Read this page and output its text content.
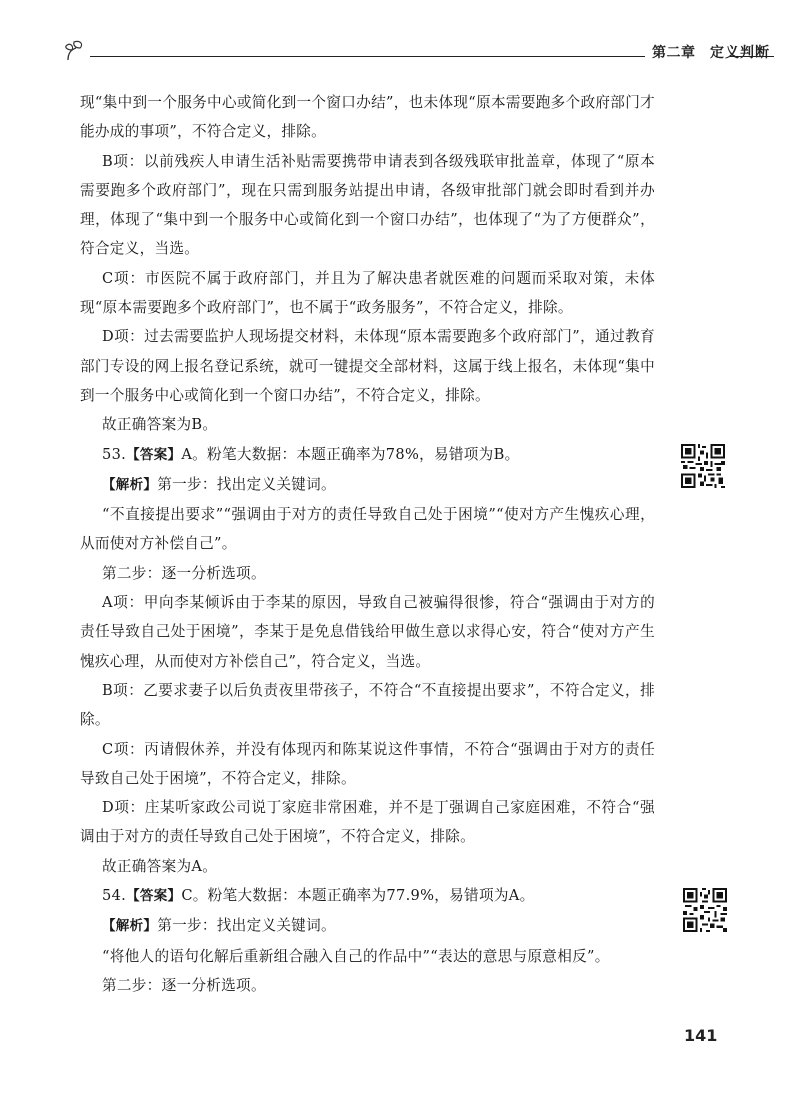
第二章 定义判断

现“集中到一个服务中心或简化到一个窗口办结”，也未体现“原本需要跑多个政府部门才能办成的事项”，不符合定义，排除。

B项：以前残疾人申请生活补贴需要携带申请表到各级残联审批盖章，体现了“原本需要跑多个政府部门”，现在只需到服务站提出申请，各级审批部门就会即时看到并办理，体现了“集中到一个服务中心或简化到一个窗口办结”，也体现了“为了方便群众”，符合定义，当选。

C项：市医院不属于政府部门，并且为了解决患者就医难的问题而采取对策，未体现“原本需要跑多个政府部门”，也不属于“政务服务”，不符合定义，排除。

D项：过去需要监护人现场提交材料，未体现“原本需要跑多个政府部门”，通过教育部门专设的网上报名登记系统，就可一键提交全部材料，这属于线上报名，未体现“集中到一个服务中心或简化到一个窗口办结”，不符合定义，排除。

故正确答案为B。

53.【答案】A。粉笔大数据：本题正确率为78%，易错项为B。

【解析】第一步：找出定义关键词。

“不直接提出要求”“强调由于对方的责任导致自己处于困境”“使对方产生愧疚心理，从而使对方补偿自己”。

第二步：逐一分析选项。

A项：甲向李某倾诉由于李某的原因，导致自己被骗得很惨，符合“强调由于对方的责任导致自己处于困境”，李某于是免息借钱给甲做生意以求得心安，符合“使对方产生愧疚心理，从而使对方补偿自己”，符合定义，当选。

B项：乙要求妻子以后负责夜里带孩子，不符合“不直接提出要求”，不符合定义，排除。

C项：丙请假休养，并没有体现丙和陈某说这件事情，不符合“强调由于对方的责任导致自己处于困境”，不符合定义，排除。

D项：庄某听家政公司说丁家庭非常困难，并不是丁强调自己家庭困难，不符合“强调由于对方的责任导致自己处于困境”，不符合定义，排除。

故正确答案为A。

54.【答案】C。粉笔大数据：本题正确率为77.9%，易错项为A。

【解析】第一步：找出定义关键词。

“将他人的语句化解后重新组合融入自己的作品中”“表达的意思与原意相反”。

第二步：逐一分析选项。

141
